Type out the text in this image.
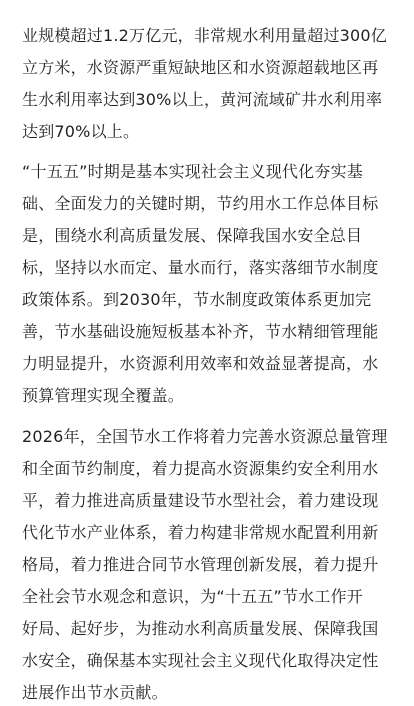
业规模超过1.2万亿元，非常规水利用量超过300亿
立方米，水资源严重短缺地区和水资源超载地区再
生水利用率达到30%以上，黄河流域矿井水利用率
达到70%以上。
“十五五”时期是基本实现社会主义现代化夯实基
础、全面发力的关键时期，节约用水工作总体目标
是，围绕水利高质量发展、保障我国水安全总目
标，坚持以水而定、量水而行，落实落细节水制度
政策体系。到2030年，节水制度政策体系更加完
善，节水基础设施短板基本补齐，节水精细管理能
力明显提升，水资源利用效率和效益显著提高，水
预算管理实现全覆盖。
2026年，全国节水工作将着力完善水资源总量管理
和全面节约制度，着力提高水资源集约安全利用水
平，着力推进高质量建设节水型社会，着力建设现
代化节水产业体系，着力构建非常规水配置利用新
格局，着力推进合同节水管理创新发展，着力提升
全社会节水观念和意识，为“十五五”节水工作开
好局、起好步，为推动水利高质量发展、保障我国
水安全，确保基本实现社会主义现代化取得决定性
进展作出节水贡献。
